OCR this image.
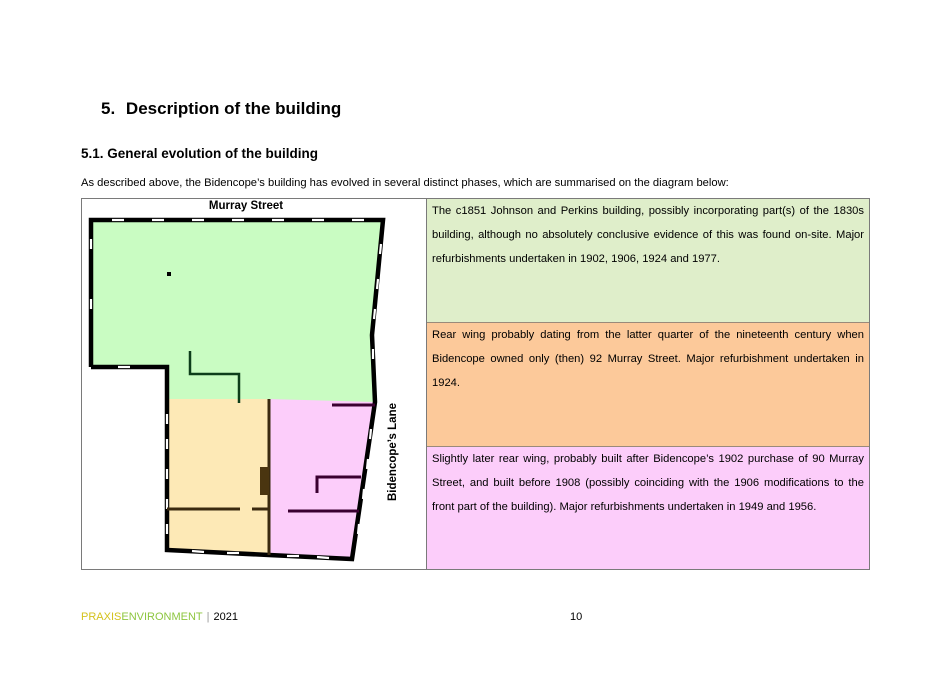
5. Description of the building
5.1. General evolution of the building
As described above, the Bidencope’s building has evolved in several distinct phases, which are summarised on the diagram below:
Murray Street
Bidencope’s Lane
The c1851 Johnson and Perkins building, possibly incorporating part(s) of the 1830s building, although no absolutely conclusive evidence of this was found on-site. Major refurbishments undertaken in 1902, 1906, 1924 and 1977.
Rear wing probably dating from the latter quarter of the nineteenth century when Bidencope owned only (then) 92 Murray Street. Major refurbishment undertaken in 1924.
Slightly later rear wing, probably built after Bidencope’s 1902 purchase of 90 Murray Street, and built before 1908 (possibly coinciding with the 1906 modifications to the front part of the building). Major refurbishments undertaken in 1949 and 1956.
PRAXISENVIRONMENT | 2021	10
